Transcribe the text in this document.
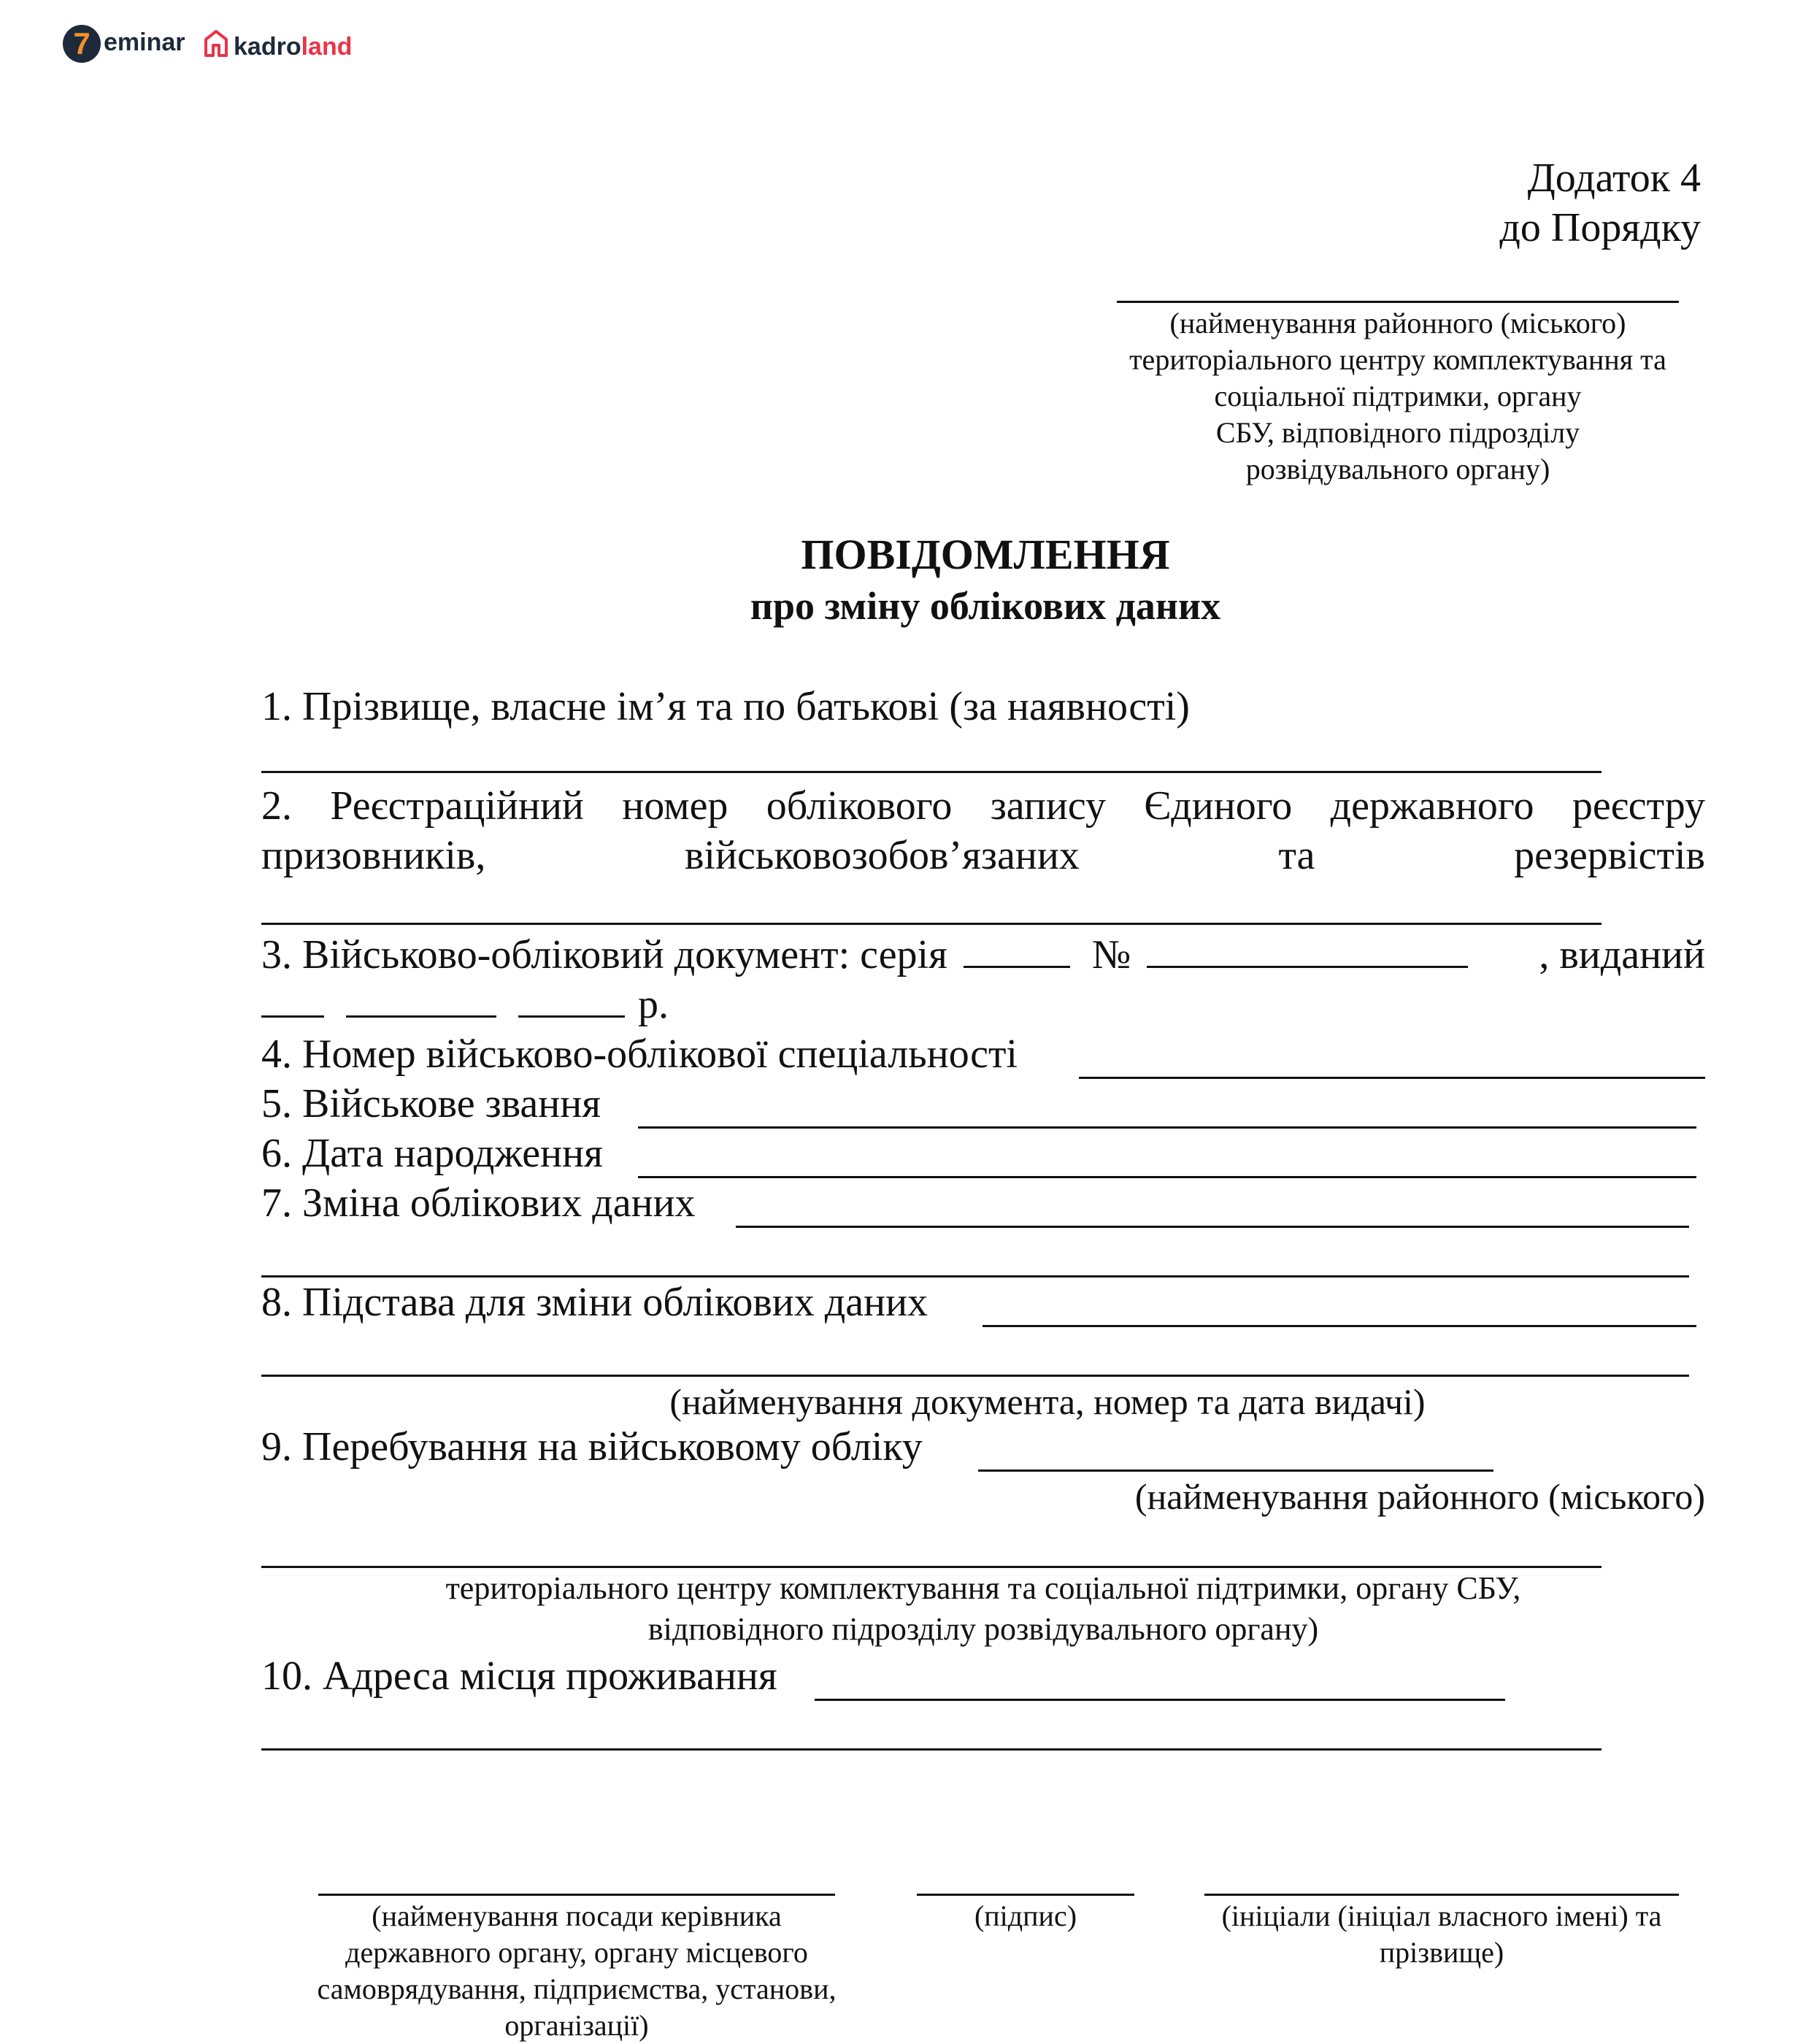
7 eminar kadroland
Додаток 4
до Порядку
(найменування районного (міського)
територіального центру комплектування та
соціальної підтримки, органу
СБУ, відповідного підрозділу
розвідувального органу)
ПОВІДОМЛЕННЯ
про зміну облікових даних
1. Прізвище, власне ім’я та по батькові (за наявності)
2. Реєстраційний номер облікового запису Єдиного державного реєстру
призовників,	військовозобов’язаних	та	резервістів
3. Військово-обліковий документ: серія	№	, виданий
р.
4. Номер військово-облікової спеціальності
5. Військове звання
6. Дата народження
7. Зміна облікових даних
8. Підстава для зміни облікових даних
(найменування документа, номер та дата видачі)
9. Перебування на військовому обліку
(найменування районного (міського)
територіального центру комплектування та соціальної підтримки, органу СБУ,
відповідного підрозділу розвідувального органу)
10. Адреса місця проживання
(найменування посади керівника
державного органу, органу місцевого
самоврядування, підприємства, установи,
організації)
(підпис)	(ініціали (ініціал власного імені) та
прізвище)
